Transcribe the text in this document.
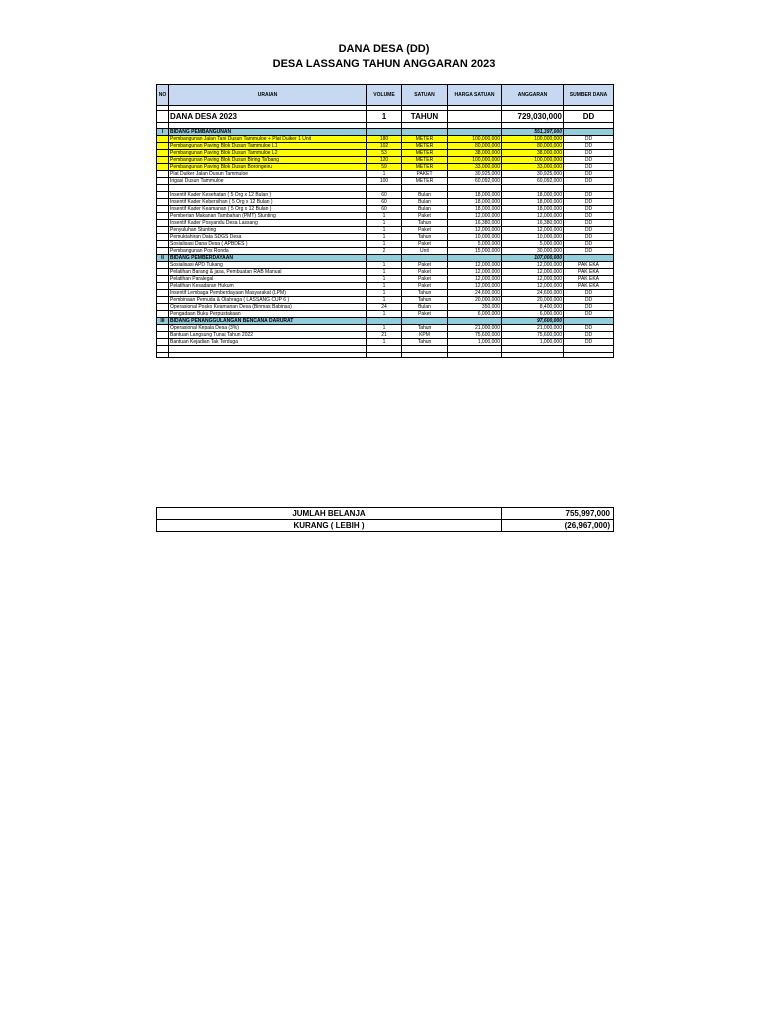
DANA DESA (DD)
DESA LASSANG TAHUN ANGGARAN 2023
NO	URAIAN	VOLUME	SATUAN	HARGA SATUAN	ANGGARAN	SUMBER DANA

	DANA DESA 2023	1	TAHUN		729,030,000	DD

I	BIDANG PEMBANGUNAN				551,397,000	
	Pembangunan Jalan Tani Dusun Tammuloe + Plat Duiker 1 Unit	180	METER	100,000,000	100,000,000	DD
	Pembangunan Paving Blok Dusun Tammuloe L1	102	METER	80,000,000	80,000,000	DD
	Pembangunan Paving Blok Dusun Tammuloe L2	53	METER	38,000,000	38,000,000	DD
	Pembangunan Paving Blok Dusun Biring Ta'bang	120	METER	100,000,000	100,000,000	DD
	Pembangunan Paving Blok Dusun Borongeiru	59	METER	33,000,000	33,000,000	DD
	Plat Duiker Jalan Dusun Tammuloe	1	PAKET	30,925,000	30,925,000	DD
	Irigasi Dusun Tammuloe	100	METER	60,092,000	60,092,000	DD

	Insentif Kader Kesehatan ( 5 Org x 12 Bulan )	60	Bulan	18,000,000	18,000,000	DD
	Insentif Kader Kebersihan ( 5 Org x 12 Bulan )	60	Bulan	18,000,000	18,000,000	DD
	Insentif Kader Keamanan ( 5 Org x 12 Bulan )	60	Bulan	18,000,000	18,000,000	DD
	Pemberian Makanan Tambahan (PMT) Stunting	1	Paket	12,000,000	12,000,000	DD
	Insentif Kader Posyandu Desa Lassang	1	Tahun	16,380,000	16,380,000	DD
	Penyuluhan Stunting	1	Paket	12,000,000	12,000,000	DD
	Pemuktahiran Data SDGS Desa	1	Tahun	10,000,000	10,000,000	DD
	Sosialisasi Dana Desa ( APBDES )	1	Paket	5,000,000	5,000,000	DD
	Pembangunan Pos Ronda	2	Unit	15,000,000	30,000,000	DD
II	BIDANG PEMBERDAYAAN				107,000,000	
	Sosialisasi APD Tukang	1	Paket	12,000,000	12,000,000	PAK EKA
	Pelatihan Barang & jasa, Pembuatan RAB Manual	1	Paket	12,000,000	12,000,000	PAK EKA
	Pelatihan Paralegal	1	Paket	12,000,000	12,000,000	PAK EKA
	Pelatihan Kesadaran Hukum	1	Paket	12,000,000	12,000,000	PAK EKA
	Insentif Lembaga Pemberdayaan Masyarakat (LPM)	1	Tahun	24,600,000	24,600,000	DD
	Pembinaan Pemuda & Olahraga ( LASSANG CUP 6 )	1	Tahun	20,000,000	20,000,000	DD
	Operasional Posko Keamanan Desa (Binmas Babinsa)	24	Bulan	350,000	8,400,000	DD
	Pengadaan Buku Perpustakaan	1	Paket	6,000,000	6,000,000	DD
III	BIDANG PENANGGULANGAN BENCANA DARURAT				97,600,000	
	Operasional Kepala Desa (3%)	1	Tahun	21,000,000	21,000,000	DD
	Bantuan Langsung Tunai Tahun 2022	21	KPM	75,600,000	75,600,000	DD
	Bantuan Kejadian Tak Terduga	1	Tahun	1,000,000	1,000,000	DD

JUMLAH BELANJA	755,997,000
KURANG ( LEBIH )	(26,967,000)
